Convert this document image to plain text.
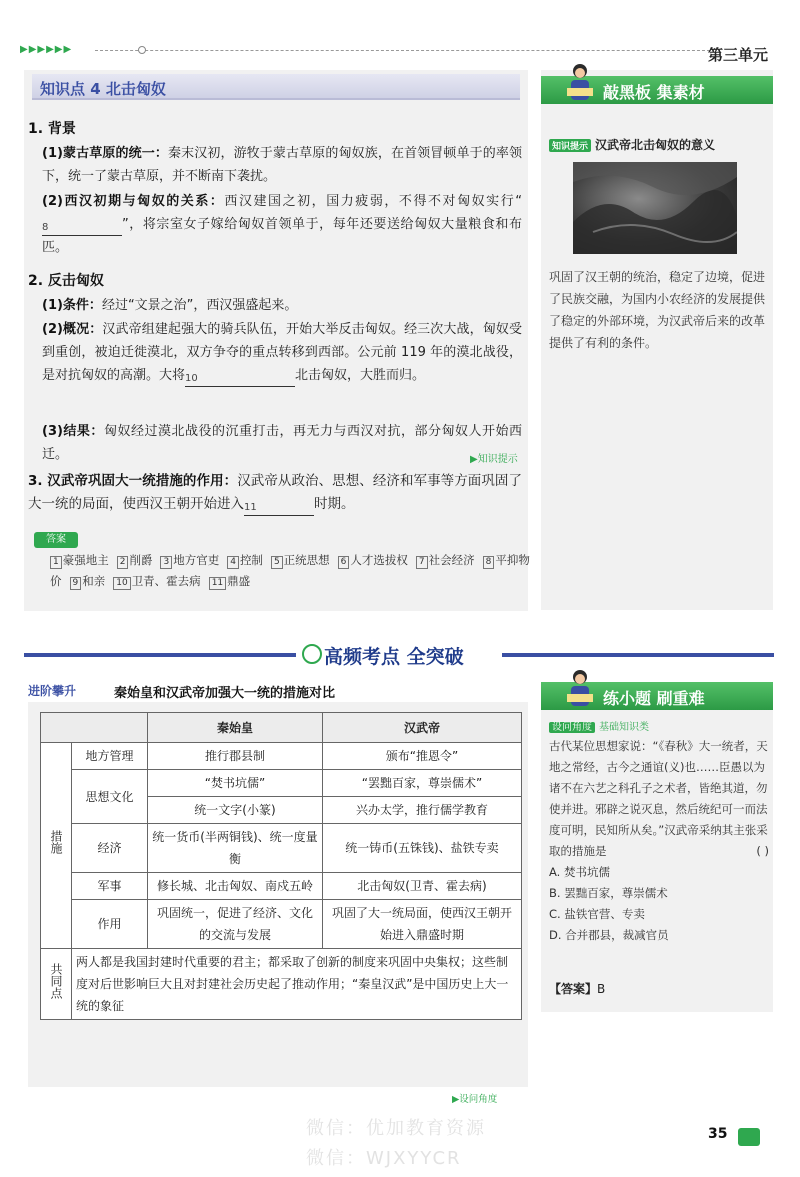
▶▶▶▶▶▶	第三单元
知识点 4 北击匈奴
1. 背景
(1)蒙古草原的统一：秦末汉初，游牧于蒙古草原的匈奴族，在首领冒顿单于的率领下，统一了蒙古草原，并不断南下袭扰。
(2)西汉初期与匈奴的关系：西汉建国之初，国力疲弱，不得不对匈奴实行“8	”，将宗室女子嫁给匈奴首领单于，每年还要送给匈奴大量粮食和布匹。
2. 反击匈奴
(1)条件：经过“文景之治”，西汉强盛起来。
(2)概况：汉武帝组建起强大的骑兵队伍，开始大举反击匈奴。经三次大战，匈奴受到重创，被迫迁徙漠北，双方争夺的重点转移到西部。公元前 119 年的漠北战役，是对抗匈奴的高潮。大将10	北击匈奴，大胜而归。
(3)结果：匈奴经过漠北战役的沉重打击，再无力与西汉对抗，部分匈奴人开始西迁。	▶知识提示
3. 汉武帝巩固大一统措施的作用：汉武帝从政治、思想、经济和军事等方面巩固了大一统的局面，使西汉王朝开始进入11	时期。
答案
1 豪强地主 2 削爵 3 地方官吏 4 控制 5 正统思想 6 人才选拔权 7 社会经济 8 平抑物价 9 和亲 10 卫青、霍去病 11 鼎盛
敲黑板 集素材
知识提示 汉武帝北击匈奴的意义
巩固了汉王朝的统治，稳定了边境，促进了民族交融，为国内小农经济的发展提供了稳定的外部环境，为汉武帝后来的改革提供了有利的条件。
高频考点 全突破
进阶攀升	秦始皇和汉武帝加强大一统的措施对比
		秦始皇	汉武帝
措施	地方管理	推行郡县制	颁布“推恩令”
	思想文化	“焚书坑儒”	“罢黜百家，尊崇儒术”
		统一文字(小篆)	兴办太学，推行儒学教育
	经济	统一货币(半两铜钱)、统一度量衡	统一铸币(五铢钱)、盐铁专卖
	军事	修长城、北击匈奴、南戍五岭	北击匈奴(卫青、霍去病)
	作用	巩固统一，促进了经济、文化的交流与发展	巩固了大一统局面，使西汉王朝开始进入鼎盛时期
共同点	两人都是我国封建时代重要的君主；都采取了创新的制度来巩固中央集权；这些制度对后世影响巨大且对封建社会历史起了推动作用；“秦皇汉武”是中国历史上大一统的象征		
▶设问角度
练小题 刷重难
设问角度 基础知识类
古代某位思想家说：“《春秋》大一统者，天地之常经，古今之通谊(义)也……臣愚以为诸不在六艺之科孔子之术者，皆绝其道，勿使并进。邪辟之说灭息，然后统纪可一而法度可明，民知所从矣。”汉武帝采纳其主张采取的措施是	( )
A. 焚书坑儒
B. 罢黜百家，尊崇儒术
C. 盐铁官营、专卖
D. 合并郡县，裁减官员
【答案】B
微信：优加教育资源
微信：WJXYYCR
35
